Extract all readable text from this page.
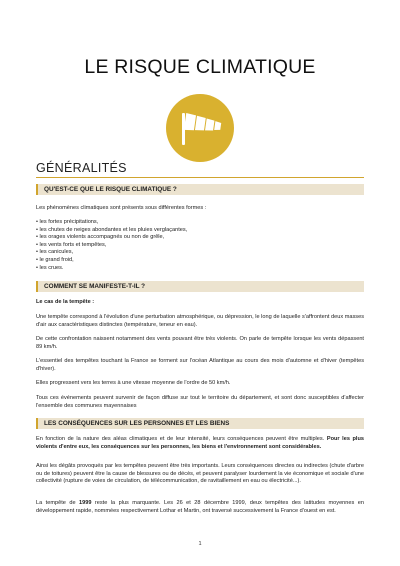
LE RISQUE CLIMATIQUE
GÉNÉRALITÉS
QU'EST-CE QUE LE RISQUE CLIMATIQUE ?

Les phénomènes climatiques sont présents sous différentes formes :

• les fortes précipitations,
• les chutes de neiges abondantes et les pluies verglaçantes,
• les orages violents accompagnés ou non de grêle,
• les vents forts et tempêtes,
• les canicules,
• le grand froid,
• les crues.
COMMENT SE MANIFESTE-T-IL ?

Le cas de la tempête :

Une tempête correspond à l'évolution d'une perturbation atmosphérique, ou dépression, le long de laquelle s'affrontent deux masses d'air aux caractéristiques distinctes (température, teneur en eau).

De cette confrontation naissent notamment des vents pouvant être très violents. On parle de tempête lorsque les vents dépassent 89 km/h.

L'essentiel des tempêtes touchant la France se forment sur l'océan Atlantique au cours des mois d'automne et d'hiver (tempêtes d'hiver).

Elles progressent vers les terres à une vitesse moyenne de l'ordre de 50 km/h.

Tous ces événements peuvent survenir de façon diffuse sur tout le territoire du département, et sont donc susceptibles d'affecter l'ensemble des communes mayennaises

LES CONSÉQUENCES SUR LES PERSONNES ET LES BIENS

En fonction de la nature des aléas climatiques et de leur intensité, leurs conséquences peuvent être multiples. Pour les plus violents d'entre eux, les conséquences sur les personnes, les biens et l'environnement sont considérables.

Ainsi les dégâts provoqués par les tempêtes peuvent être très importants. Leurs conséquences directes ou indirectes (chute d'arbre ou de toitures) peuvent être la cause de blessures ou de décès, et peuvent paralyser lourdement la vie économique et sociale d'une collectivité (rupture de voies de circulation, de télécommunication, de ravitaillement en eau ou électricité...).

La tempête de 1999 reste la plus marquante. Les 26 et 28 décembre 1999, deux tempêtes des latitudes moyennes en développement rapide, nommées respectivement Lothar et Martin, ont traversé successivement la France d'ouest en est.

1
